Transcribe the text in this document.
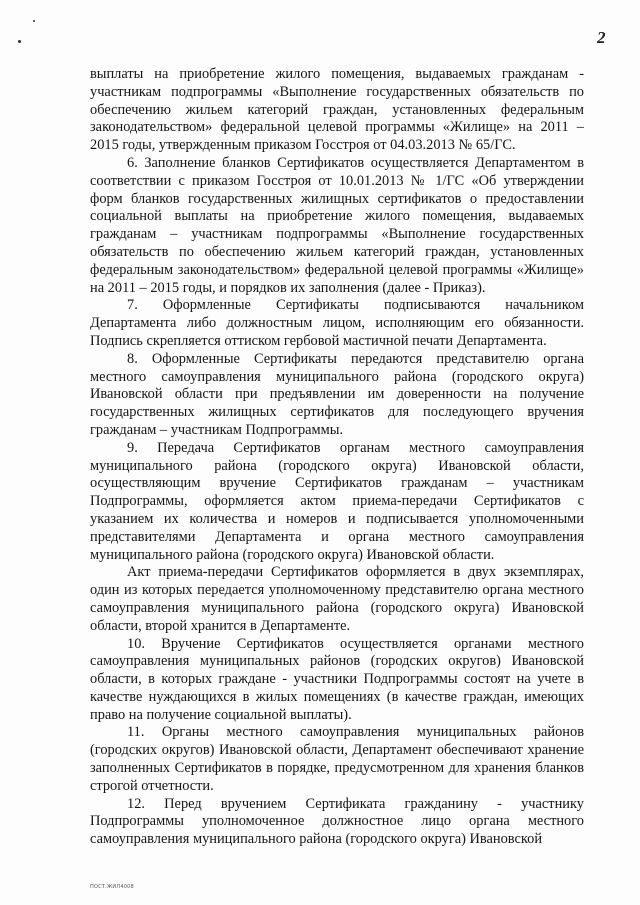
2

выплаты на приобретение жилого помещения, выдаваемых гражданам - участникам подпрограммы «Выполнение государственных обязательств по обеспечению жильем категорий граждан, установленных федеральным законодательством» федеральной целевой программы «Жилище» на 2011 – 2015 годы, утвержденным приказом Госстроя от 04.03.2013 № 65/ГС.

6. Заполнение бланков Сертификатов осуществляется Департаментом в соответствии с приказом Госстроя от 10.01.2013 № 1/ГС «Об утверждении форм бланков государственных жилищных сертификатов о предоставлении социальной выплаты на приобретение жилого помещения, выдаваемых гражданам – участникам подпрограммы «Выполнение государственных обязательств по обеспечению жильем категорий граждан, установленных федеральным законодательством» федеральной целевой программы «Жилище» на 2011 – 2015 годы, и порядков их заполнения (далее - Приказ).

7. Оформленные Сертификаты подписываются начальником Департамента либо должностным лицом, исполняющим его обязанности. Подпись скрепляется оттиском гербовой мастичной печати Департамента.

8. Оформленные Сертификаты передаются представителю органа местного самоуправления муниципального района (городского округа) Ивановской области при предъявлении им доверенности на получение государственных жилищных сертификатов для последующего вручения гражданам – участникам Подпрограммы.

9. Передача Сертификатов органам местного самоуправления муниципального района (городского округа) Ивановской области, осуществляющим вручение Сертификатов гражданам – участникам Подпрограммы, оформляется актом приема-передачи Сертификатов с указанием их количества и номеров и подписывается уполномоченными представителями Департамента и органа местного самоуправления муниципального района (городского округа) Ивановской области.

Акт приема-передачи Сертификатов оформляется в двух экземплярах, один из которых передается уполномоченному представителю органа местного самоуправления муниципального района (городского округа) Ивановской области, второй хранится в Департаменте.

10. Вручение Сертификатов осуществляется органами местного самоуправления муниципальных районов (городских округов) Ивановской области, в которых граждане - участники Подпрограммы состоят на учете в качестве нуждающихся в жилых помещениях (в качестве граждан, имеющих право на получение социальной выплаты).

11. Органы местного самоуправления муниципальных районов (городских округов) Ивановской области, Департамент обеспечивают хранение заполненных Сертификатов в порядке, предусмотренном для хранения бланков строгой отчетности.

12. Перед вручением Сертификата гражданину - участнику Подпрограммы уполномоченное должностное лицо органа местного самоуправления муниципального района (городского округа) Ивановской

ПОСТ.ЖИЛ4008
